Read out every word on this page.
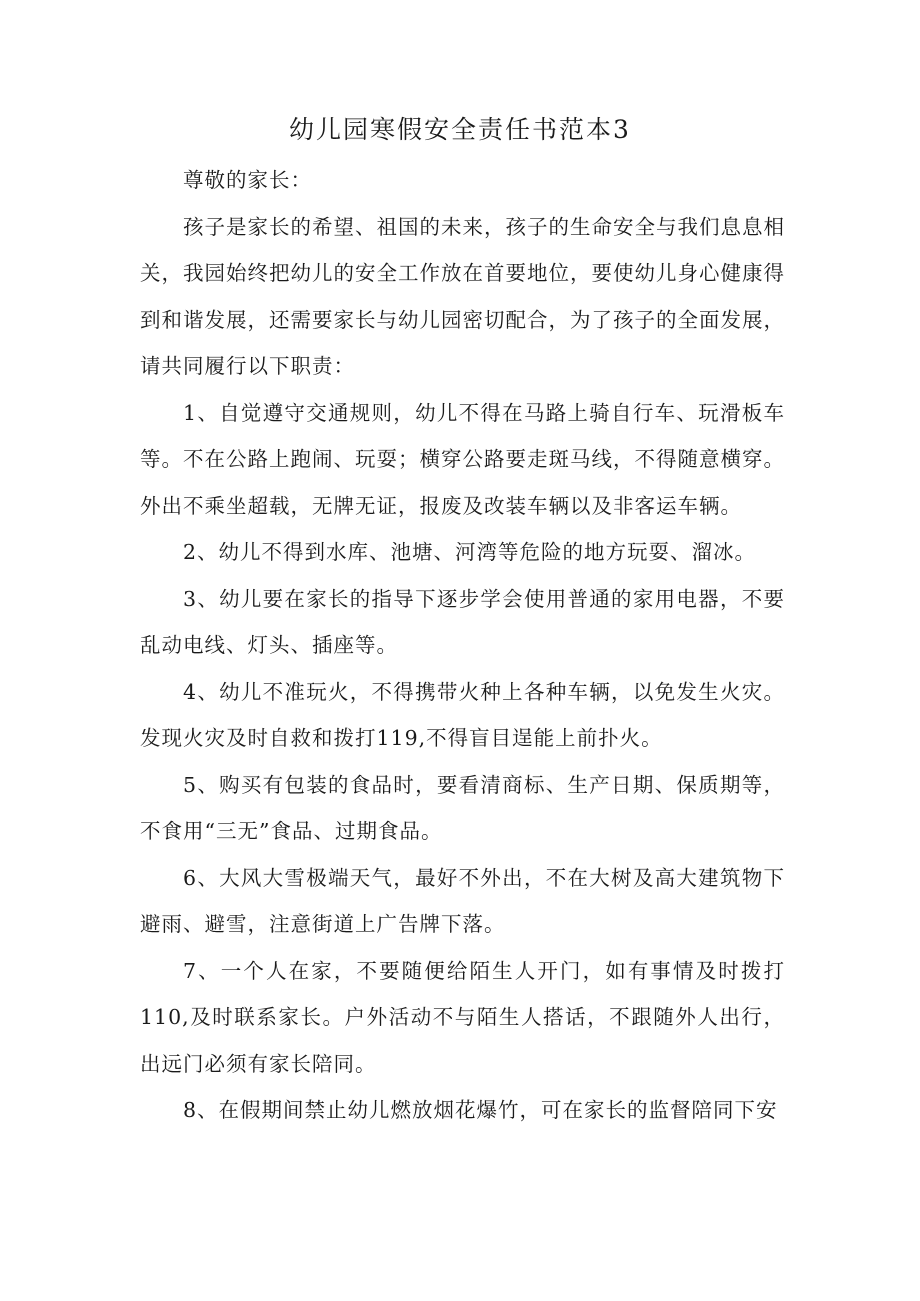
幼儿园寒假安全责任书范本3

尊敬的家长：

孩子是家长的希望、祖国的未来，孩子的生命安全与我们息息相关，我园始终把幼儿的安全工作放在首要地位，要使幼儿身心健康得到和谐发展，还需要家长与幼儿园密切配合，为了孩子的全面发展，请共同履行以下职责：

1、自觉遵守交通规则，幼儿不得在马路上骑自行车、玩滑板车等。不在公路上跑闹、玩耍；横穿公路要走斑马线，不得随意横穿。外出不乘坐超载，无牌无证，报废及改装车辆以及非客运车辆。

2、幼儿不得到水库、池塘、河湾等危险的地方玩耍、溜冰。

3、幼儿要在家长的指导下逐步学会使用普通的家用电器，不要乱动电线、灯头、插座等。

4、幼儿不准玩火，不得携带火种上各种车辆，以免发生火灾。发现火灾及时自救和拨打119,不得盲目逞能上前扑火。

5、购买有包装的食品时，要看清商标、生产日期、保质期等，不食用“三无”食品、过期食品。

6、大风大雪极端天气，最好不外出，不在大树及高大建筑物下避雨、避雪，注意街道上广告牌下落。

7、一个人在家，不要随便给陌生人开门，如有事情及时拨打110,及时联系家长。户外活动不与陌生人搭话，不跟随外人出行，出远门必须有家长陪同。

8、在假期间禁止幼儿燃放烟花爆竹，可在家长的监督陪同下安
